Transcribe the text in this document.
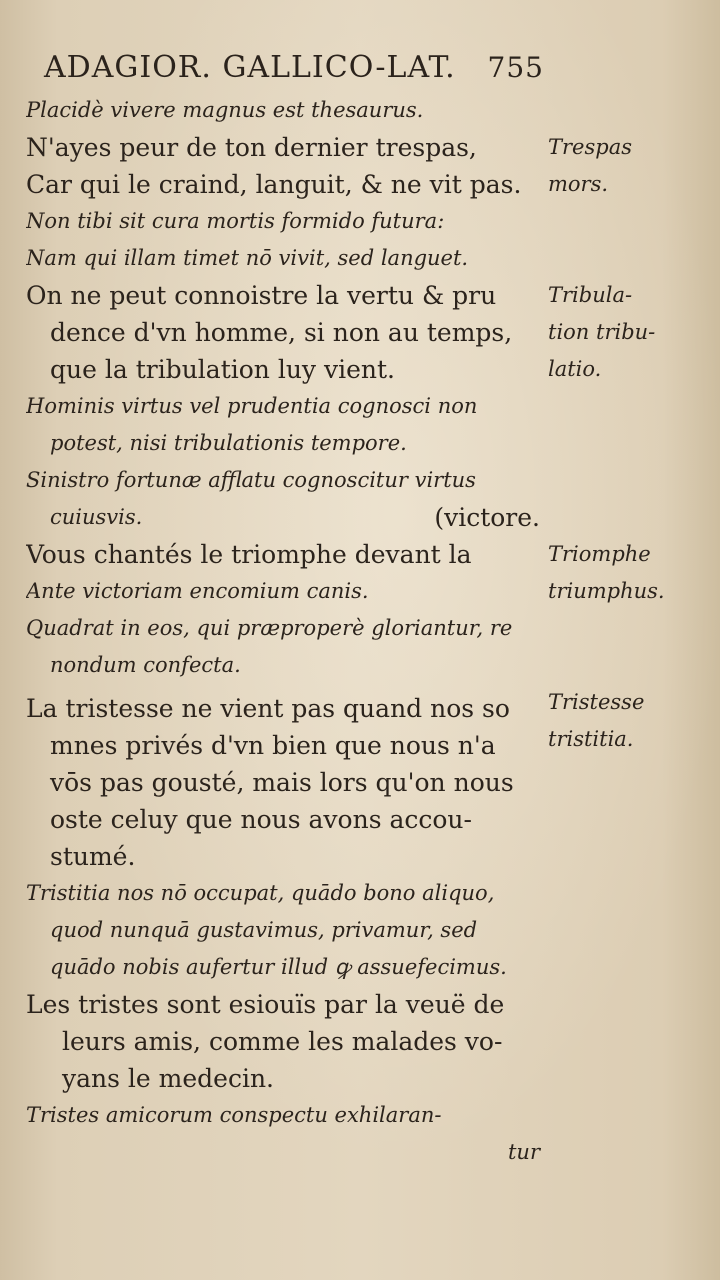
ADAGIOR. GALLICO-LAT. 755
Placidè vivere magnus est thesaurus.
N'ayes peur de ton dernier trespas,
Car qui le craind, languit, & ne vit pas.
Non tibi sit cura mortis formido futura:
Nam qui illam timet nō vivit, sed languet.
On ne peut connoistre la vertu & pru
dence d'vn homme, si non au temps,
que la tribulation luy vient.
Hominis virtus vel prudentia cognosci non
potest, nisi tribulationis tempore.
Sinistro fortunæ afflatu cognoscitur virtus
cuiusvis.	(victore.
Vous chantés le triomphe devant la
Ante victoriam encomium canis.
Quadrat in eos, qui præproperè gloriantur, re
nondum confecta.
La tristesse ne vient pas quand nos so
mnes privés d'vn bien que nous n'a
vōs pas gousté, mais lors qu'on nous
oste celuy que nous avons accou-
stumé.
Tristitia nos nō occupat, quādo bono aliquo,
quod nunquā gustavimus, privamur, sed
quādo nobis aufertur illud ꝙ assuefecimus.
Les tristes sont esiouïs par la veuë de
leurs amis, comme les malades vo-
yans le medecin.
Tristes amicorum conspectu exhilaran-
tur
Trespas
mors.
Tribula-
tion tribu-
latio.
Triomphe
triumphus.
Tristesse
tristitia.
